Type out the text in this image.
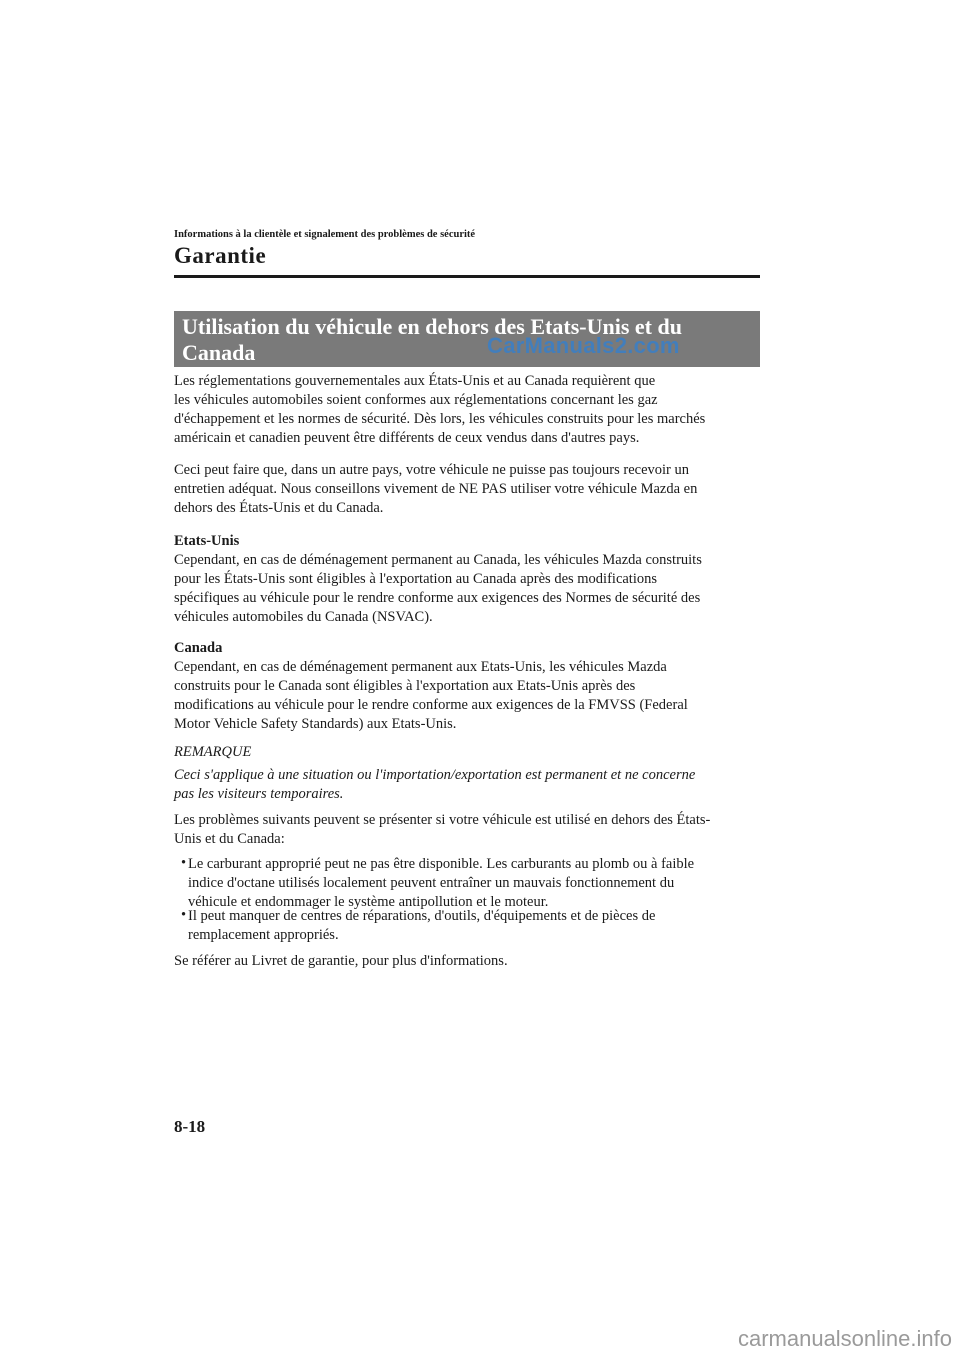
Informations à la clientèle et signalement des problèmes de sécurité
Garantie
Utilisation du véhicule en dehors des Etats-Unis et du
Canada	CarManuals2.com

Les réglementations gouvernementales aux États-Unis et au Canada requièrent que

les véhicules automobiles soient conformes aux réglementations concernant les gaz

d'échappement et les normes de sécurité. Dès lors, les véhicules construits pour les marchés

américain et canadien peuvent être différents de ceux vendus dans d'autres pays.

Ceci peut faire que, dans un autre pays, votre véhicule ne puisse pas toujours recevoir un

entretien adéquat. Nous conseillons vivement de NE PAS utiliser votre véhicule Mazda en

dehors des États-Unis et du Canada.

Etats-Unis

Cependant, en cas de déménagement permanent au Canada, les véhicules Mazda construits

pour les États-Unis sont éligibles à l'exportation au Canada après des modifications

spécifiques au véhicule pour le rendre conforme aux exigences des Normes de sécurité des

véhicules automobiles du Canada (NSVAC).

Canada

Cependant, en cas de déménagement permanent aux Etats-Unis, les véhicules Mazda

construits pour le Canada sont éligibles à l'exportation aux Etats-Unis après des

modifications au véhicule pour le rendre conforme aux exigences de la FMVSS (Federal

Motor Vehicle Safety Standards) aux Etats-Unis.

REMARQUE

Ceci s'applique à une situation ou l'importation/exportation est permanent et ne concerne

pas les visiteurs temporaires.

Les problèmes suivants peuvent se présenter si votre véhicule est utilisé en dehors des États-

Unis et du Canada:

• Le carburant approprié peut ne pas être disponible. Les carburants au plomb ou à faible
indice d'octane utilisés localement peuvent entraîner un mauvais fonctionnement du
véhicule et endommager le système antipollution et le moteur.
• Il peut manquer de centres de réparations, d'outils, d'équipements et de pièces de
remplacement appropriés.
Se référer au Livret de garantie, pour plus d'informations.
8-18
carmanualsonline.info
